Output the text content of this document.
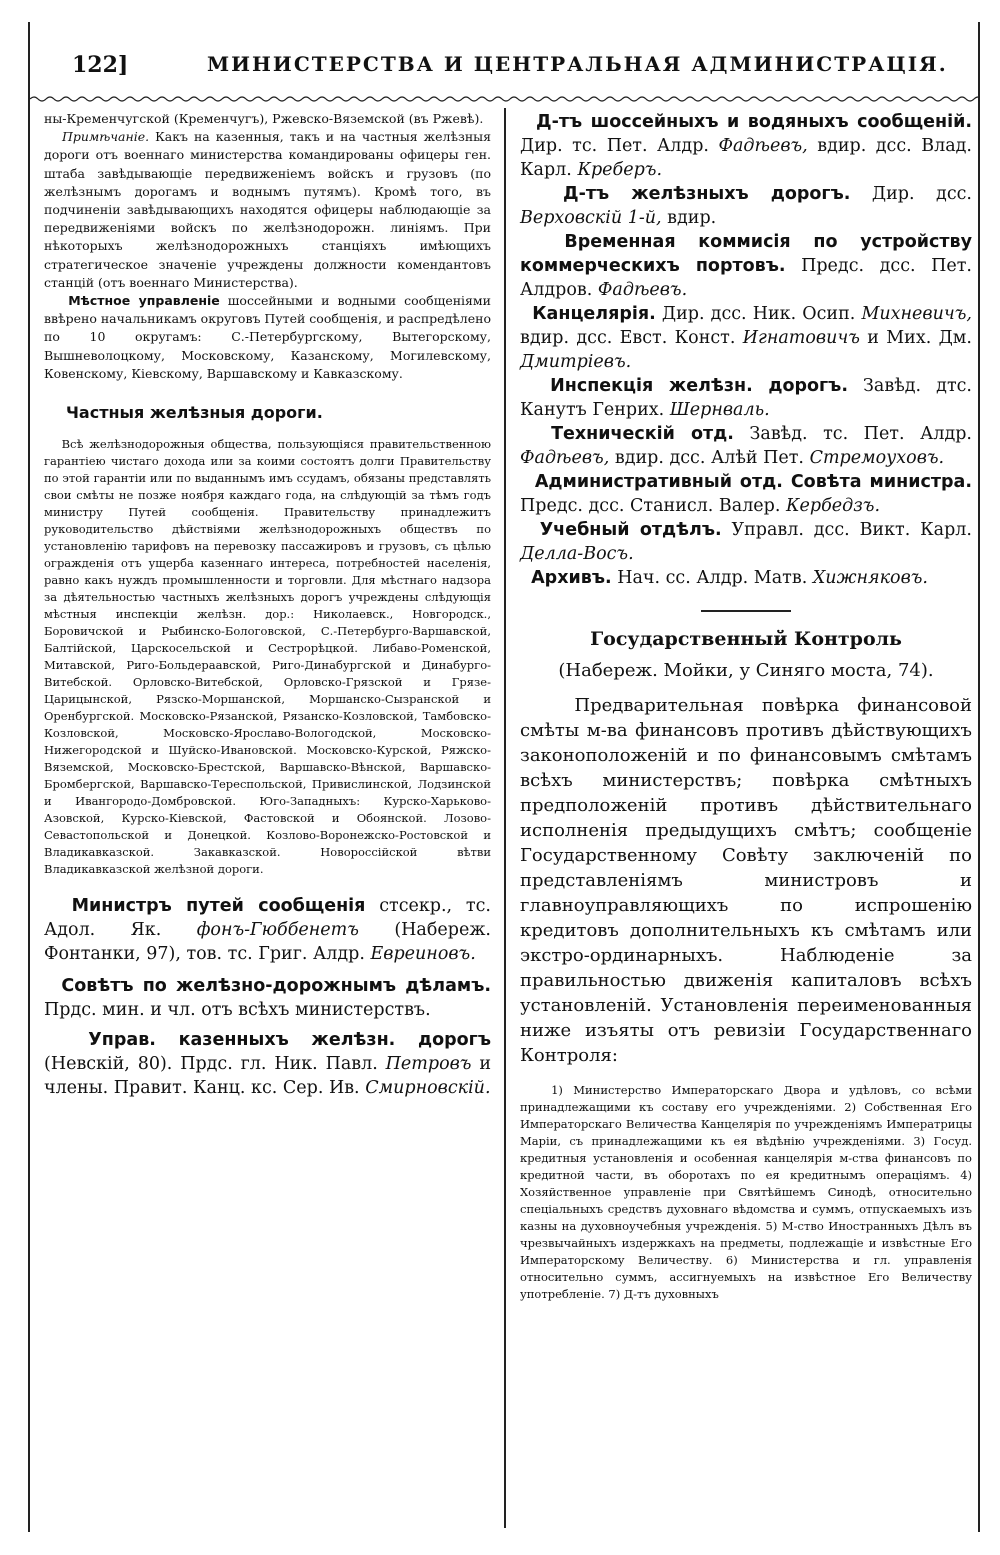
122]	МИНИСТЕРСТВА И ЦЕНТРАЛЬНАЯ АДМИНИСТРАЦІЯ.

ны-Кременчугской (Кременчугъ), Ржевско-Вяземской (въ Ржевѣ).

Примѣчаніе. Какъ на казенныя, такъ и на частныя желѣзныя дороги отъ военнаго министерства командированы офицеры ген. штаба завѣдывающіе передвиженіемъ войскъ и грузовъ (по желѣзнымъ дорогамъ и воднымъ путямъ). Кромѣ того, въ подчиненіи завѣдывающихъ находятся офицеры наблюдающіе за передвиженіями войскъ по желѣзнодорожн. линіямъ. При нѣкоторыхъ желѣзнодорожныхъ станціяхъ имѣющихъ стратегическое значеніе учреждены должности комендантовъ станцій (отъ военнаго Министерства).

Мѣстное управленіе шоссейными и водными сообщеніями ввѣрено начальникамъ округовъ Путей сообщенія, и распредѣлено по 10 округамъ: С.-Петербургскому, Вытегорскому, Вышневолоцкому, Московскому, Казанскому, Могилевскому, Ковенскому, Кіевскому, Варшавскому и Кавказскому.

Частныя желѣзныя дороги.

Всѣ желѣзнодорожныя общества, пользующіяся правительственною гарантіею чистаго дохода или за коими состоятъ долги Правительству по этой гарантіи или по выданнымъ имъ ссудамъ, обязаны представлять свои смѣты не позже ноября каждаго года, на слѣдующій за тѣмъ годъ министру Путей сообщенія. Правительству принадлежитъ руководительство дѣйствіями желѣзнодорожныхъ обществъ по установленію тарифовъ на перевозку пассажировъ и грузовъ, съ цѣлью огражденія отъ ущерба казеннаго интереса, потребностей населенія, равно какъ нуждъ промышленности и торговли. Для мѣстнаго надзора за дѣятельностью частныхъ желѣзныхъ дорогъ учреждены слѣдующія мѣстныя инспекціи желѣзн. дор.: Николаевск., Новгородск., Боровичской и Рыбинско-Бологовской, С.-Петербурго-Варшавской, Балтійской, Царскосельской и Сестрорѣцкой. Либаво-Роменской, Митавской, Риго-Больдераавской, Риго-Динабургской и Динабурго-Витебской. Орловско-Витебской, Орловско-Грязской и Грязе-Царицынской, Рязско-Моршанской, Моршанско-Сызранской и Оренбургской. Московско-Рязанской, Рязанско-Козловской, Тамбовско-Козловской, Московско-Ярославо-Вологодской, Московско-Нижегородской и Шуйско-Ивановской. Московско-Курской, Ряжско-Вяземской, Московско-Брестской, Варшавско-Вѣнской, Варшавско-Бромбергской, Варшавско-Тереспольской, Привислинской, Лодзинской и Ивангородо-Домбровской. Юго-Западныхъ: Курско-Харьково-Азовской, Курско-Кіевской, Фастовской и Обоянской. Лозово-Севастопольской и Донецкой. Козлово-Воронежско-Ростовской и Владикавказской. Закавказской. Новороссійской вѣтви Владикавказской желѣзной дороги.

Министръ путей сообщенія стсекр., тс. Адол. Як. фонъ-Гюббенетъ (Набереж. Фонтанки, 97), тов. тс. Григ. Алдр. Евреиновъ.

Совѣтъ по желѣзно-дорожнымъ дѣламъ. Прдс. мин. и чл. отъ всѣхъ министерствъ.

Управ. казенныхъ желѣзн. дорогъ (Невскій, 80). Прдс. гл. Ник. Павл. Петровъ и члены. Правит. Канц. кс. Сер. Ив. Смирновскій.

Д-тъ шоссейныхъ и водяныхъ сообщеній. Дир. тс. Пет. Алдр. Фадѣевъ, вдир. дсс. Влад. Карл. Креберъ.

Д-тъ желѣзныхъ дорогъ. Дир. дсс. Верховскій 1-й, вдир.

Временная коммисія по устройству коммерческихъ портовъ. Предс. дсс. Пет. Алдров. Фадѣевъ.

Канцелярія. Дир. дсс. Ник. Осип. Михневичъ, вдир. дсс. Евст. Конст. Игнатовичъ и Мих. Дм. Дмитріевъ.

Инспекція желѣзн. дорогъ. Завѣд. дтс. Канутъ Генрих. Шернваль.

Техническій отд. Завѣд. тс. Пет. Алдр. Фадѣевъ, вдир. дсс. Алѣй Пет. Стремоуховъ.

Административный отд. Совѣта министра. Предс. дсс. Станисл. Валер. Кербедзъ.

Учебный отдѣлъ. Управл. дсс. Викт. Карл. Делла-Восъ.

Архивъ. Нач. сс. Алдр. Матв. Хижняковъ.

Государственный Контроль

(Набереж. Мойки, у Синяго моста, 74).

Предварительная повѣрка финансовой смѣты м-ва финансовъ противъ дѣйствующихъ законоположеній и по финансовымъ смѣтамъ всѣхъ министерствъ; повѣрка смѣтныхъ предположеній противъ дѣйствительнаго исполненія предыдущихъ смѣтъ; сообщеніе Государственному Совѣту заключеній по представленіямъ министровъ и главноуправляющихъ по испрошенію кредитовъ дополнительныхъ къ смѣтамъ или экстро-ординарныхъ. Наблюденіе за правильностью движенія капиталовъ всѣхъ установленій. Установленія переименованныя ниже изъяты отъ ревизіи Государственнаго Контроля:

1) Министерство Императорскаго Двора и удѣловъ, со всѣми принадлежащими къ составу его учрежденіями. 2) Собственная Его Императорскаго Величества Канцелярія по учрежденіямъ Императрицы Маріи, съ принадлежащими къ ея вѣдѣнію учрежденіями. 3) Госуд. кредитныя установленія и особенная канцелярія м-ства финансовъ по кредитной части, въ оборотахъ по ея кредитнымъ операціямъ. 4) Хозяйственное управленіе при Святѣйшемъ Синодѣ, относительно спеціальныхъ средствъ духовнаго вѣдомства и суммъ, отпускаемыхъ изъ казны на духовноучебныя учрежденія. 5) М-ство Иностранныхъ Дѣлъ въ чрезвычайныхъ издержкахъ на предметы, подлежащіе и извѣстные Его Императорскому Величеству. 6) Министерства и гл. управленія относительно суммъ, ассигнуемыхъ на извѣстное Его Величеству употребленіе. 7) Д-тъ духовныхъ
